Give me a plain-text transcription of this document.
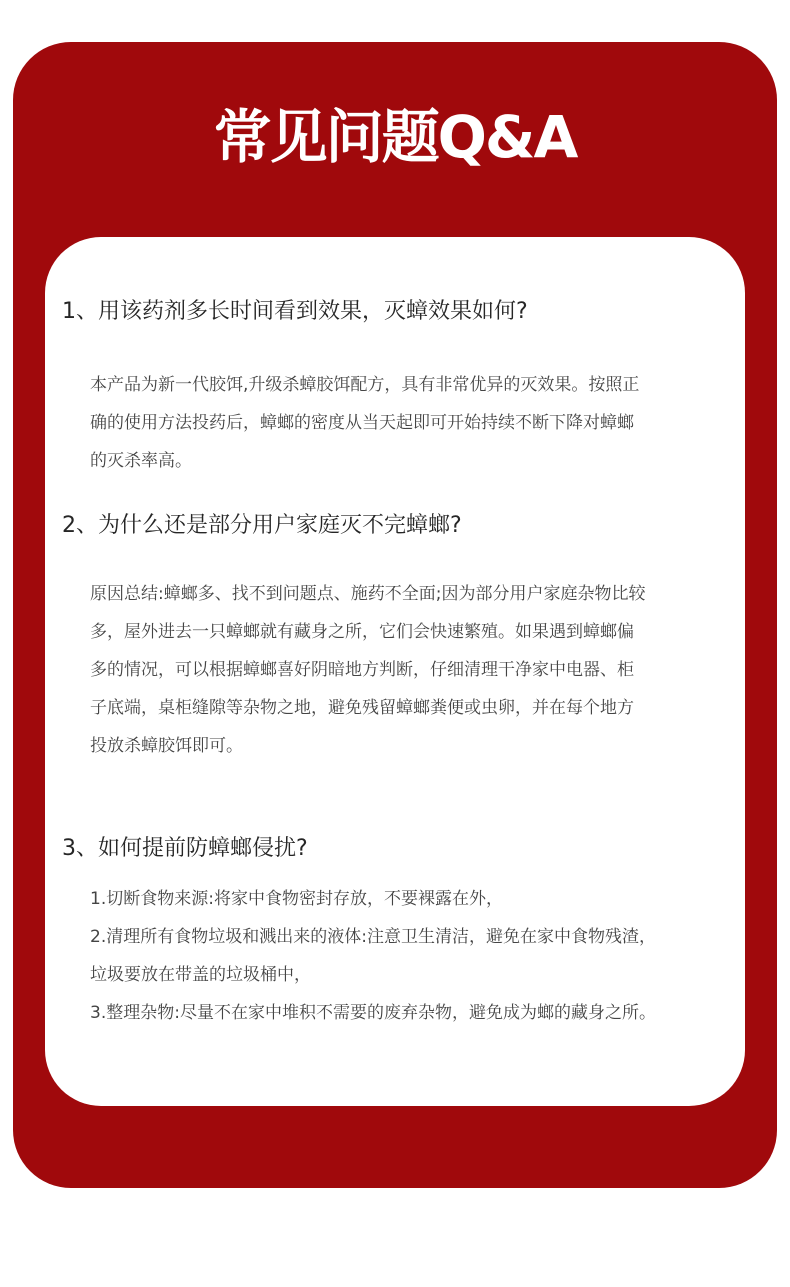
常见问题Q&A
1、用该药剂多长时间看到效果，灭蟑效果如何?
本产品为新一代胶饵,升级杀蟑胶饵配方，具有非常优异的灭效果。按照正
确的使用方法投药后，蟑螂的密度从当天起即可开始持续不断下降对蟑螂
的灭杀率高。
2、为什么还是部分用户家庭灭不完蟑螂?
原因总结:蟑螂多、找不到问题点、施药不全面;因为部分用户家庭杂物比较
多，屋外进去一只蟑螂就有藏身之所，它们会快速繁殖。如果遇到蟑螂偏
多的情况，可以根据蟑螂喜好阴暗地方判断，仔细清理干净家中电器、柜
子底端，桌柜缝隙等杂物之地，避免残留蟑螂粪便或虫卵，并在每个地方
投放杀蟑胶饵即可。
3、如何提前防蟑螂侵扰?
1.切断食物来源:将家中食物密封存放，不要裸露在外，
2.清理所有食物垃圾和溅出来的液体:注意卫生清洁，避免在家中食物残渣，
垃圾要放在带盖的垃圾桶中，
3.整理杂物:尽量不在家中堆积不需要的废弃杂物，避免成为螂的藏身之所。
